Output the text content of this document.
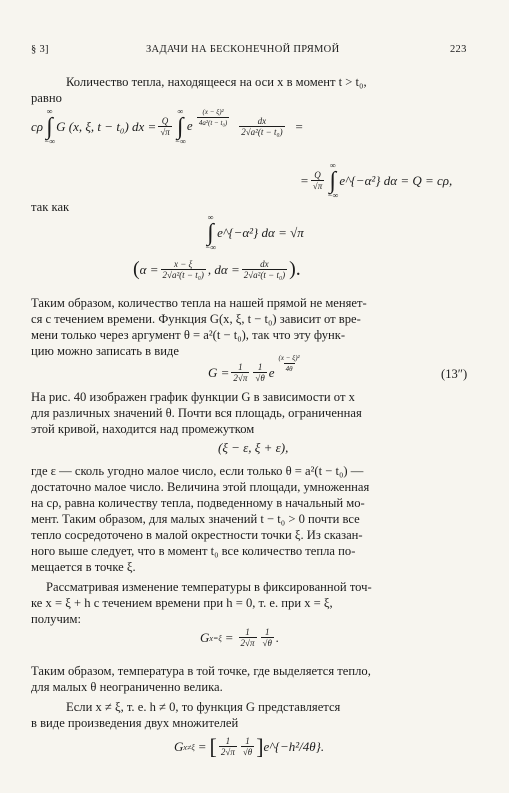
§ 3]	ЗАДАЧИ НА БЕСКОНЕЧНОЙ ПРЯМОЙ	223
Количество тепла, находящееся на оси x в момент t > t₀,
равно
cρ
∞
∫
−∞
G (x, ξ, t − t₀) dx = $\frac{Q}{√\pi}$
∞
∫
−∞
e $\frac{\text{(x − ξ)²}}{\text{4a²(t − t₀)}} \frac{dx}{\text{2√a²(t − t₀)}}$ =
= $\frac{Q}{√\pi}$
∞
∫
−∞
e^{−α²} dα = Q = cρ,
так как
∞
∫
−∞
e^{−α²} dα = √π
( $\alpha = \frac{x - \xi}{\text{2√a²(t − t₀)}}$ , $d\alpha = \frac{dx}{\text{2√a²(t − t₀)}}$ ).
Таким образом, количество тепла на нашей прямой не меняет-
ся с течением времени. Функция G(x, ξ, t − t₀) зависит от вре-
мени только через аргумент θ = a²(t − t₀), так что эту функ-
цию можно записать в виде
$G = \frac{1}{2√\pi} 1$
√θ e
(x − ξ)²
4θ	(13″)
На рис. 40 изображен график функции G в зависимости от x
для различных значений θ. Почти вся площадь, ограниченная
этой кривой, находится над промежутком
(ξ − ε, ξ + ε),
где ε — сколь угодно малое число, если только θ = a²(t − t₀) —
достаточно малое число. Величина этой площади, умноженная
на cρ, равна количеству тепла, подведенному в начальный мо-
мент. Таким образом, для малых значений t − t₀ > 0 почти все
тепло сосредоточено в малой окрестности точки ξ. Из сказан-
ного выше следует, что в момент t₀ все количество тепла по-
мещается в точке ξ.
Рассматривая изменение температуры в фиксированной точ-
ке x = ξ + h с течением времени при h = 0, т. е. при x = ξ,
получим:
G $x=\xi = \frac{1}{2√\pi} 1$
√θ .
Таким образом, температура в той точке, где выделяется тепло,
для малых θ неограниченно велика.
Если x ≠ ξ, т. е. h ≠ 0, то функция G представляется
в виде произведения двух множителей
G x≠ξ = [ 1
2√π
1
√θ ] e^{−h²/4θ}.
